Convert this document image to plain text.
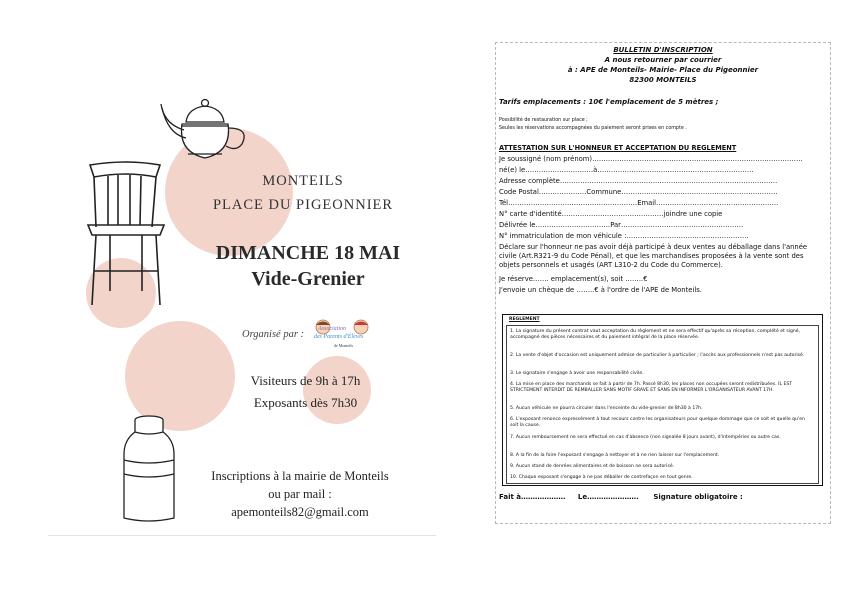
MONTEILS
PLACE DU PIGEONNIER
DIMANCHE 18 MAI
Vide-Grenier
Organisé par : Association
des Parents d'Élèves
de Monteils
Visiteurs de 9h à 17h
Exposants dès 7h30
Inscriptions à la mairie de Monteils
ou par mail :
apemonteils82@gmail.com
BULLETIN D'INSCRIPTION
A nous retourner par courrier
à : APE de Monteils- Mairie- Place du Pigeonnier
82300 MONTEILS
Tarifs emplacements : 10€ l'emplacement de 5 mètres ;
Possibilité de restauration sur place ;
Seules les réservations accompagnées du paiement seront prises en compte .
ATTESTATION SUR L'HONNEUR ET ACCEPTATION DU REGLEMENT
Je soussigné (nom prénom)…………………………………………………………………………………
né(e) le…………………………à……………………………………………………………
Adresse complète……………………………………………………………………………………
Code Postal…………………Commune……………………………………………………………
Tél…………………………………………………Email………………………………………………
N° carte d'identité………………………………………joindre une copie
Délivrée le……………………………Par………………………………………………
N° immatriculation de mon véhicule :………………………………………………
Déclare sur l'honneur ne pas avoir déjà participé à deux ventes au déballage dans l'année civile (Art.R321-9 du Code Pénal), et que les marchandises proposées à la vente sont des objets personnels et usagés (ART L310-2 du Code du Commerce).
Je réserve……. emplacement(s), soit ……..€
J'envoie un chèque de ……..€ à l'ordre de l'APE de Monteils.
REGLEMENT
1. La signature du présent contrat vaut acceptation du règlement et ne sera effectif qu'après sa réception, complété et signé, accompagné des pièces nécessaires et du paiement intégral de la place réservée.
2. La vente d'objet d'occasion est uniquement admise de particulier à particulier ; l'accès aux professionnels n'est pas autorisé.
3. Le signataire s'engage à avoir une responsabilité civile.
4. La mise en place des marchands se fait à partir de 7h. Passé 8h30, les places non occupées seront redistribuées. IL EST STRICTEMENT INTERDIT DE REMBALLER SANS MOTIF GRAVE ET SANS EN INFORMER L'ORGANISATEUR AVANT 17H.
5. Aucun véhicule ne pourra circuler dans l'enceinte du vide-grenier de 8h30 à 17h.
6. L'exposant renonce expressément à tout recours contre les organisateurs pour quelque dommage que ce soit et quelle qu'en soit la cause.
7. Aucun remboursement ne sera effectué en cas d'absence (non signalée 8 jours avant), d'intempéries ou autre cas.
8. A la fin de la foire l'exposant s'engage à nettoyer et à ne rien laisser sur l'emplacement.
9. Aucun stand de denrées alimentaires et de boisson ne sera autorisé.
10. Chaque exposant s'engage à ne pas déballer de contrefaçon en tout genre.
Fait à………………. Le…………………. Signature obligatoire :
